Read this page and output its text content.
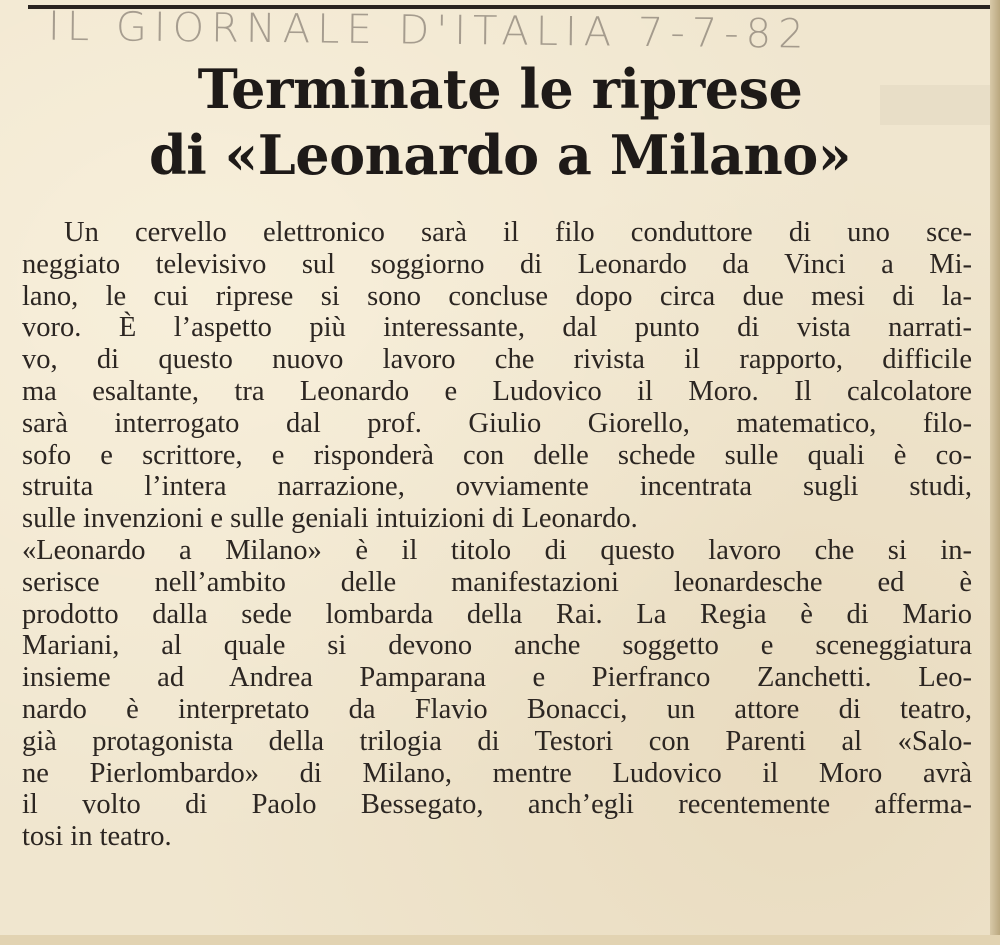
IL GIORNALE D'ITALIA 7-7-82
Terminate le riprese
di «Leonardo a Milano»
Un cervello elettronico sarà il filo conduttore di uno sce-
neggiato televisivo sul soggiorno di Leonardo da Vinci a Mi-
lano, le cui riprese si sono concluse dopo circa due mesi di la-
voro. È l’aspetto più interessante, dal punto di vista narrati-
vo, di questo nuovo lavoro che rivista il rapporto, difficile
ma esaltante, tra Leonardo e Ludovico il Moro. Il calcolatore
sarà interrogato dal prof. Giulio Giorello, matematico, filo-
sofo e scrittore, e risponderà con delle schede sulle quali è co-
struita l’intera narrazione, ovviamente incentrata sugli studi,
sulle invenzioni e sulle geniali intuizioni di Leonardo.
«Leonardo a Milano» è il titolo di questo lavoro che si in-
serisce nell’ambito delle manifestazioni leonardesche ed è
prodotto dalla sede lombarda della Rai. La Regia è di Mario
Mariani, al quale si devono anche soggetto e sceneggiatura
insieme ad Andrea Pamparana e Pierfranco Zanchetti. Leo-
nardo è interpretato da Flavio Bonacci, un attore di teatro,
già protagonista della trilogia di Testori con Parenti al «Salo-
ne Pierlombardo» di Milano, mentre Ludovico il Moro avrà
il volto di Paolo Bessegato, anch’egli recentemente afferma-
tosi in teatro.
